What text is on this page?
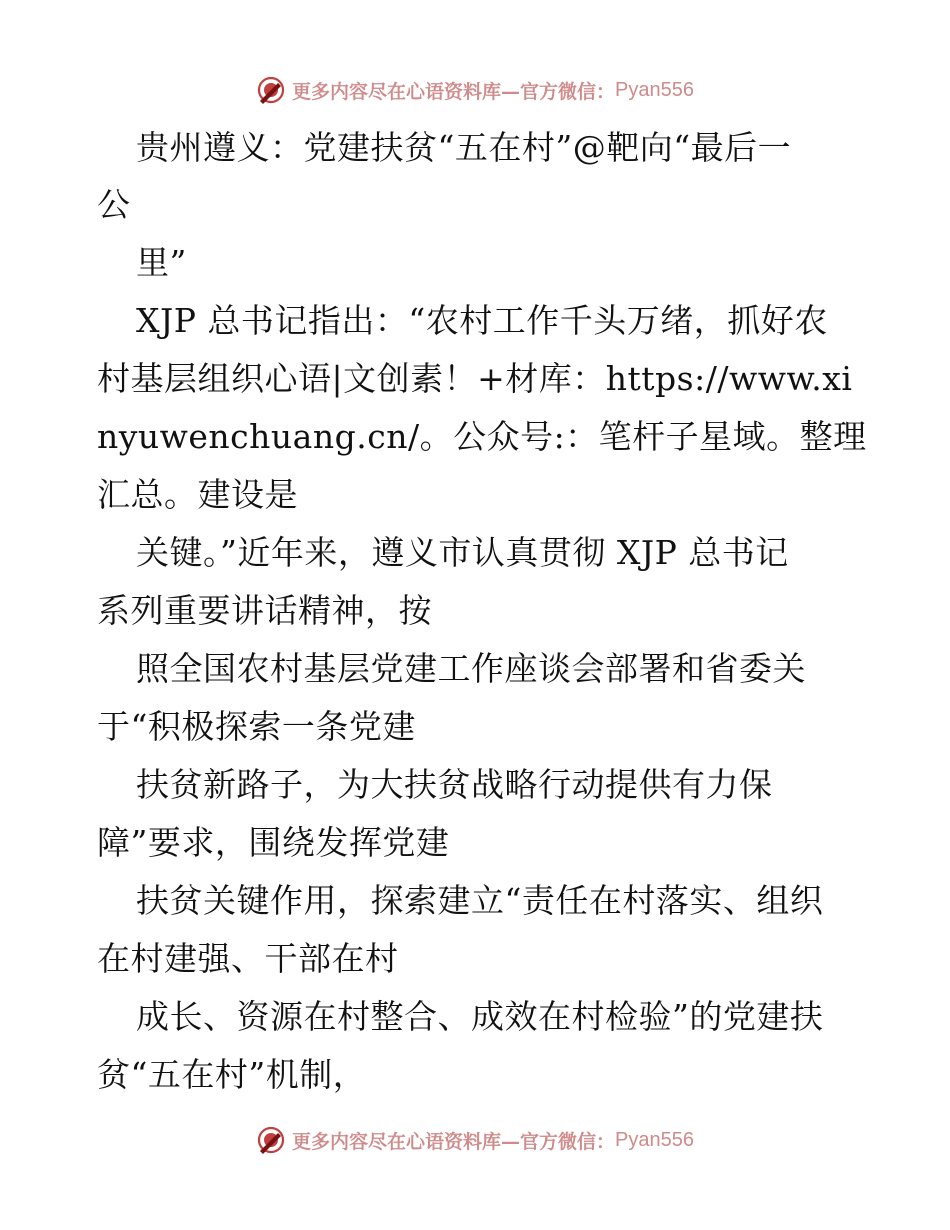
更多内容尽在心语资料库—官方微信： Pyan556
贵州遵义：党建扶贫“五在村”@靶向“最后一
公
里”
XJP 总书记指出：“农村工作千头万绪，抓好农
村基层组织心语|文创素！+材库：https://www.xi
nyuwenchuang.cn/。公众号:：笔杆子星域。整理
汇总。建设是
关键。”近年来，遵义市认真贯彻 XJP 总书记
系列重要讲话精神，按
照全国农村基层党建工作座谈会部署和省委关
于“积极探索一条党建
扶贫新路子，为大扶贫战略行动提供有力保
障”要求，围绕发挥党建
扶贫关键作用，探索建立“责任在村落实、组织
在村建强、干部在村
成长、资源在村整合、成效在村检验”的党建扶
贫“五在村”机制，
更多内容尽在心语资料库—官方微信： Pyan556
